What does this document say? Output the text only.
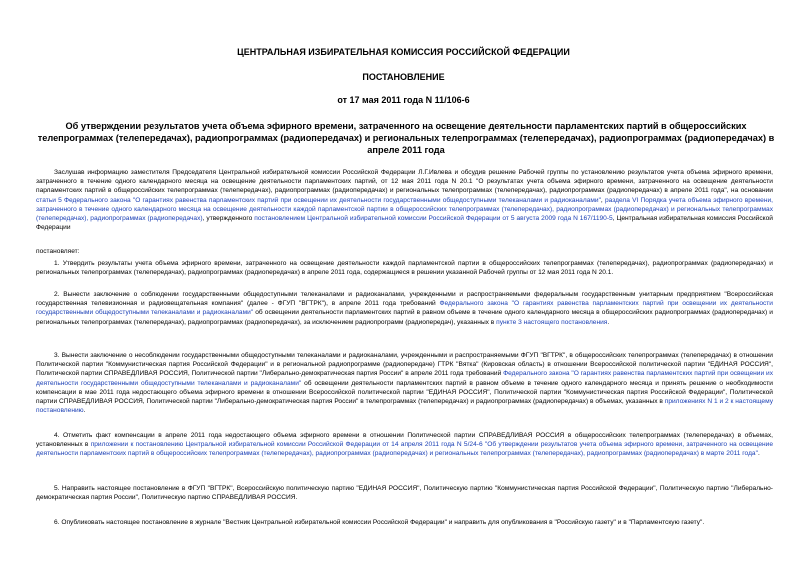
ЦЕНТРАЛЬНАЯ ИЗБИРАТЕЛЬНАЯ КОМИССИЯ РОССИЙСКОЙ ФЕДЕРАЦИИ
ПОСТАНОВЛЕНИЕ
от 17 мая 2011 года N 11/106-6
Об утверждении результатов учета объема эфирного времени, затраченного на освещение деятельности парламентских партий в общероссийских телепрограммах (телепередачах), радиопрограммах (радиопередачах) и региональных телепрограммах (телепередачах), радиопрограммах (радиопередачах) в апреле 2011 года
Заслушав информацию заместителя Председателя Центральной избирательной комиссии Российской Федерации Л.Г.Ивлева и обсудив решение Рабочей группы по установлению результатов учета объема эфирного времени, затраченного в течение одного календарного месяца на освещение деятельности парламентских партий, от 12 мая 2011 года N 20.1 "О результатах учета объема эфирного времени, затраченного на освещение деятельности парламентских партий в общероссийских телепрограммах (телепередачах), радиопрограммах (радиопередачах) и региональных телепрограммах (телепередачах), радиопрограммах (радиопередачах) в апреле 2011 года", на основании статьи 5 Федерального закона "О гарантиях равенства парламентских партий при освещении их деятельности государственными общедоступными телеканалами и радиоканалами", раздела VI Порядка учета объема эфирного времени, затраченного в течение одного календарного месяца на освещение деятельности каждой парламентской партии в общероссийских телепрограммах (телепередачах), радиопрограммах (радиопередачах) и региональных телепрограммах (телепередачах), радиопрограммах (радиопередачах), утвержденного постановлением Центральной избирательной комиссии Российской Федерации от 5 августа 2009 года N 167/1190-5, Центральная избирательная комиссия Российской Федерации
постановляет:
1. Утвердить результаты учета объема эфирного времени, затраченного на освещение деятельности каждой парламентской партии в общероссийских телепрограммах (телепередачах), радиопрограммах (радиопередачах) и региональных телепрограммах (телепередачах), радиопрограммах (радиопередачах) в апреле 2011 года, содержащиеся в решении указанной Рабочей группы от 12 мая 2011 года N 20.1.
2. Вынести заключение о соблюдении государственными общедоступными телеканалами и радиоканалами, учрежденными и распространяемыми федеральным государственным унитарным предприятием "Всероссийская государственная телевизионная и радиовещательная компания" (далее - ФГУП "ВГТРК"), в апреле 2011 года требований Федерального закона "О гарантиях равенства парламентских партий при освещении их деятельности государственными общедоступными телеканалами и радиоканалами" об освещении деятельности парламентских партий в равном объеме в течение одного календарного месяца в общероссийских радиопрограммах (радиопередачах) и региональных телепрограммах (телепередачах), радиопрограммах (радиопередачах), за исключением радиопрограмм (радиопередач), указанных в пункте 3 настоящего постановления.
3. Вынести заключение о несоблюдении государственными общедоступными телеканалами и радиоканалами, учрежденными и распространяемыми ФГУП "ВГТРК", в общероссийских телепрограммах (телепередачах) в отношении Политической партии "Коммунистическая партия Российской Федерации" и в региональной радиопрограмме (радиопередаче) ГТРК "Вятка" (Кировская область) в отношении Всероссийской политической партии "ЕДИНАЯ РОССИЯ", Политической партии СПРАВЕДЛИВАЯ РОССИЯ, Политической партии "Либерально-демократическая партия России" в апреле 2011 года требований Федерального закона "О гарантиях равенства парламентских партий при освещении их деятельности государственными общедоступными телеканалами и радиоканалами" об освещении деятельности парламентских партий в равном объеме в течение одного календарного месяца и принять решение о необходимости компенсации в мае 2011 года недостающего объема эфирного времени в отношении Всероссийской политической партии "ЕДИНАЯ РОССИЯ", Политической партии "Коммунистическая партия Российской Федерации", Политической партии СПРАВЕДЛИВАЯ РОССИЯ, Политической партии "Либерально-демократическая партия России" в телепрограммах (телепередачах) и радиопрограммах (радиопередачах) в объемах, указанных в приложениях N 1 и 2 к настоящему постановлению.
4. Отметить факт компенсации в апреле 2011 года недостающего объема эфирного времени в отношении Политической партии СПРАВЕДЛИВАЯ РОССИЯ в общероссийских телепрограммах (телепередачах) в объемах, установленных в приложении к постановлению Центральной избирательной комиссии Российской Федерации от 14 апреля 2011 года N 5/24-6 "Об утверждении результатов учета объема эфирного времени, затраченного на освещение деятельности парламентских партий в общероссийских телепрограммах (телепередачах), радиопрограммах (радиопередачах) и региональных телепрограммах (телепередачах), радиопрограммах (радиопередачах) в марте 2011 года".
5. Направить настоящее постановление в ФГУП "ВГТРК", Всероссийскую политическую партию "ЕДИНАЯ РОССИЯ", Политическую партию "Коммунистическая партия Российской Федерации", Политическую партию "Либерально-демократическая партия России", Политическую партию СПРАВЕДЛИВАЯ РОССИЯ.
6. Опубликовать настоящее постановление в журнале "Вестник Центральной избирательной комиссии Российской Федерации" и направить для опубликования в "Российскую газету" и в "Парламентскую газету".
